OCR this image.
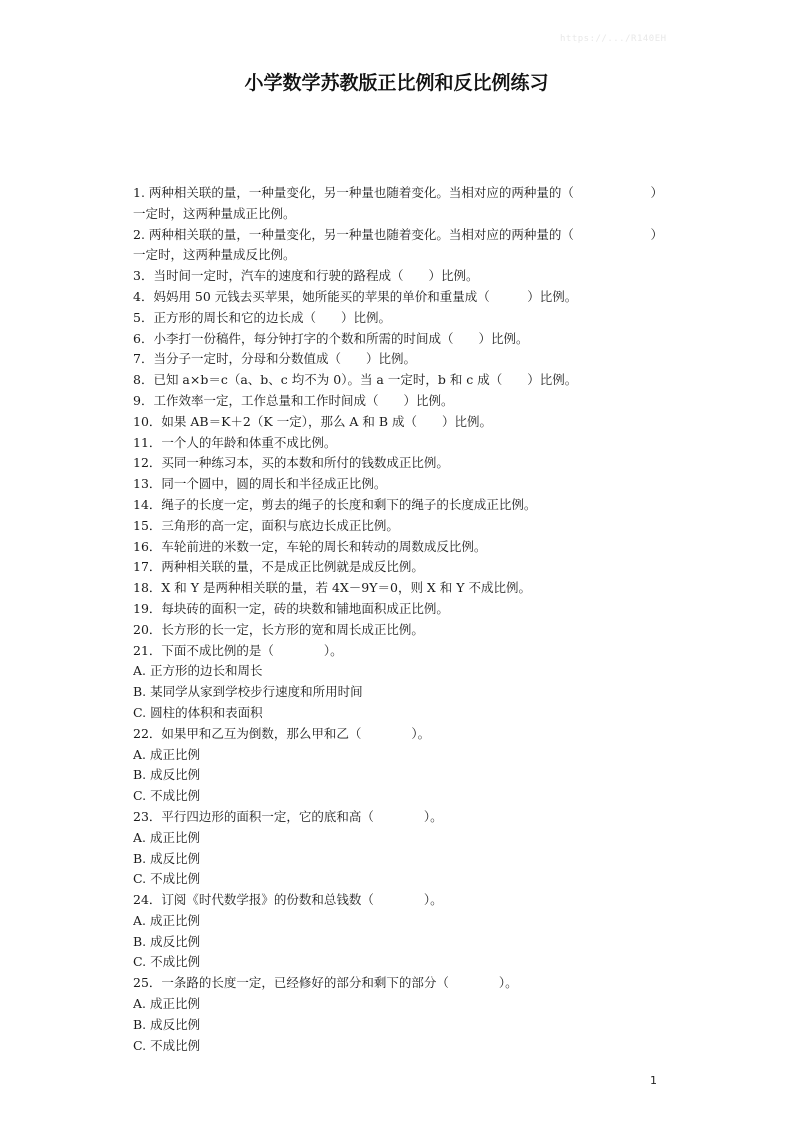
https://.../R140EH
小学数学苏教版正比例和反比例练习
1. 两种相关联的量，一种量变化，另一种量也随着变化。当相对应的两种量的（	）
一定时，这两种量成正比例。
2. 两种相关联的量，一种量变化，另一种量也随着变化。当相对应的两种量的（	）
一定时，这两种量成反比例。
3．当时间一定时，汽车的速度和行驶的路程成（　　）比例。
4．妈妈用 50 元钱去买苹果，她所能买的苹果的单价和重量成（　　　）比例。
5．正方形的周长和它的边长成（　　）比例。
6．小李打一份稿件，每分钟打字的个数和所需的时间成（　　）比例。
7．当分子一定时，分母和分数值成（　　）比例。
8．已知 a×b＝c（a、b、c 均不为 0）。当 a 一定时，b 和 c 成（　　）比例。
9．工作效率一定，工作总量和工作时间成（　　）比例。
10．如果 AB＝K＋2（K 一定），那么 A 和 B 成（　　）比例。
11．一个人的年龄和体重不成比例。
12．买同一种练习本，买的本数和所付的钱数成正比例。
13．同一个圆中，圆的周长和半径成正比例。
14．绳子的长度一定，剪去的绳子的长度和剩下的绳子的长度成正比例。
15．三角形的高一定，面积与底边长成正比例。
16．车轮前进的米数一定，车轮的周长和转动的周数成反比例。
17．两种相关联的量，不是成正比例就是成反比例。
18．X 和 Y 是两种相关联的量，若 4X－9Y＝0，则 X 和 Y 不成比例。
19．每块砖的面积一定，砖的块数和铺地面积成正比例。
20．长方形的长一定，长方形的宽和周长成正比例。
21．下面不成比例的是（　　　　）。
A. 正方形的边长和周长
B. 某同学从家到学校步行速度和所用时间
C. 圆柱的体积和表面积
22．如果甲和乙互为倒数，那么甲和乙（　　　　）。
A. 成正比例
B. 成反比例
C. 不成比例
23．平行四边形的面积一定，它的底和高（　　　　）。
A. 成正比例
B. 成反比例
C. 不成比例
24．订阅《时代数学报》的份数和总钱数（　　　　）。
A. 成正比例
B. 成反比例
C. 不成比例
25．一条路的长度一定，已经修好的部分和剩下的部分（　　　　）。
A. 成正比例
B. 成反比例
C. 不成比例
1
